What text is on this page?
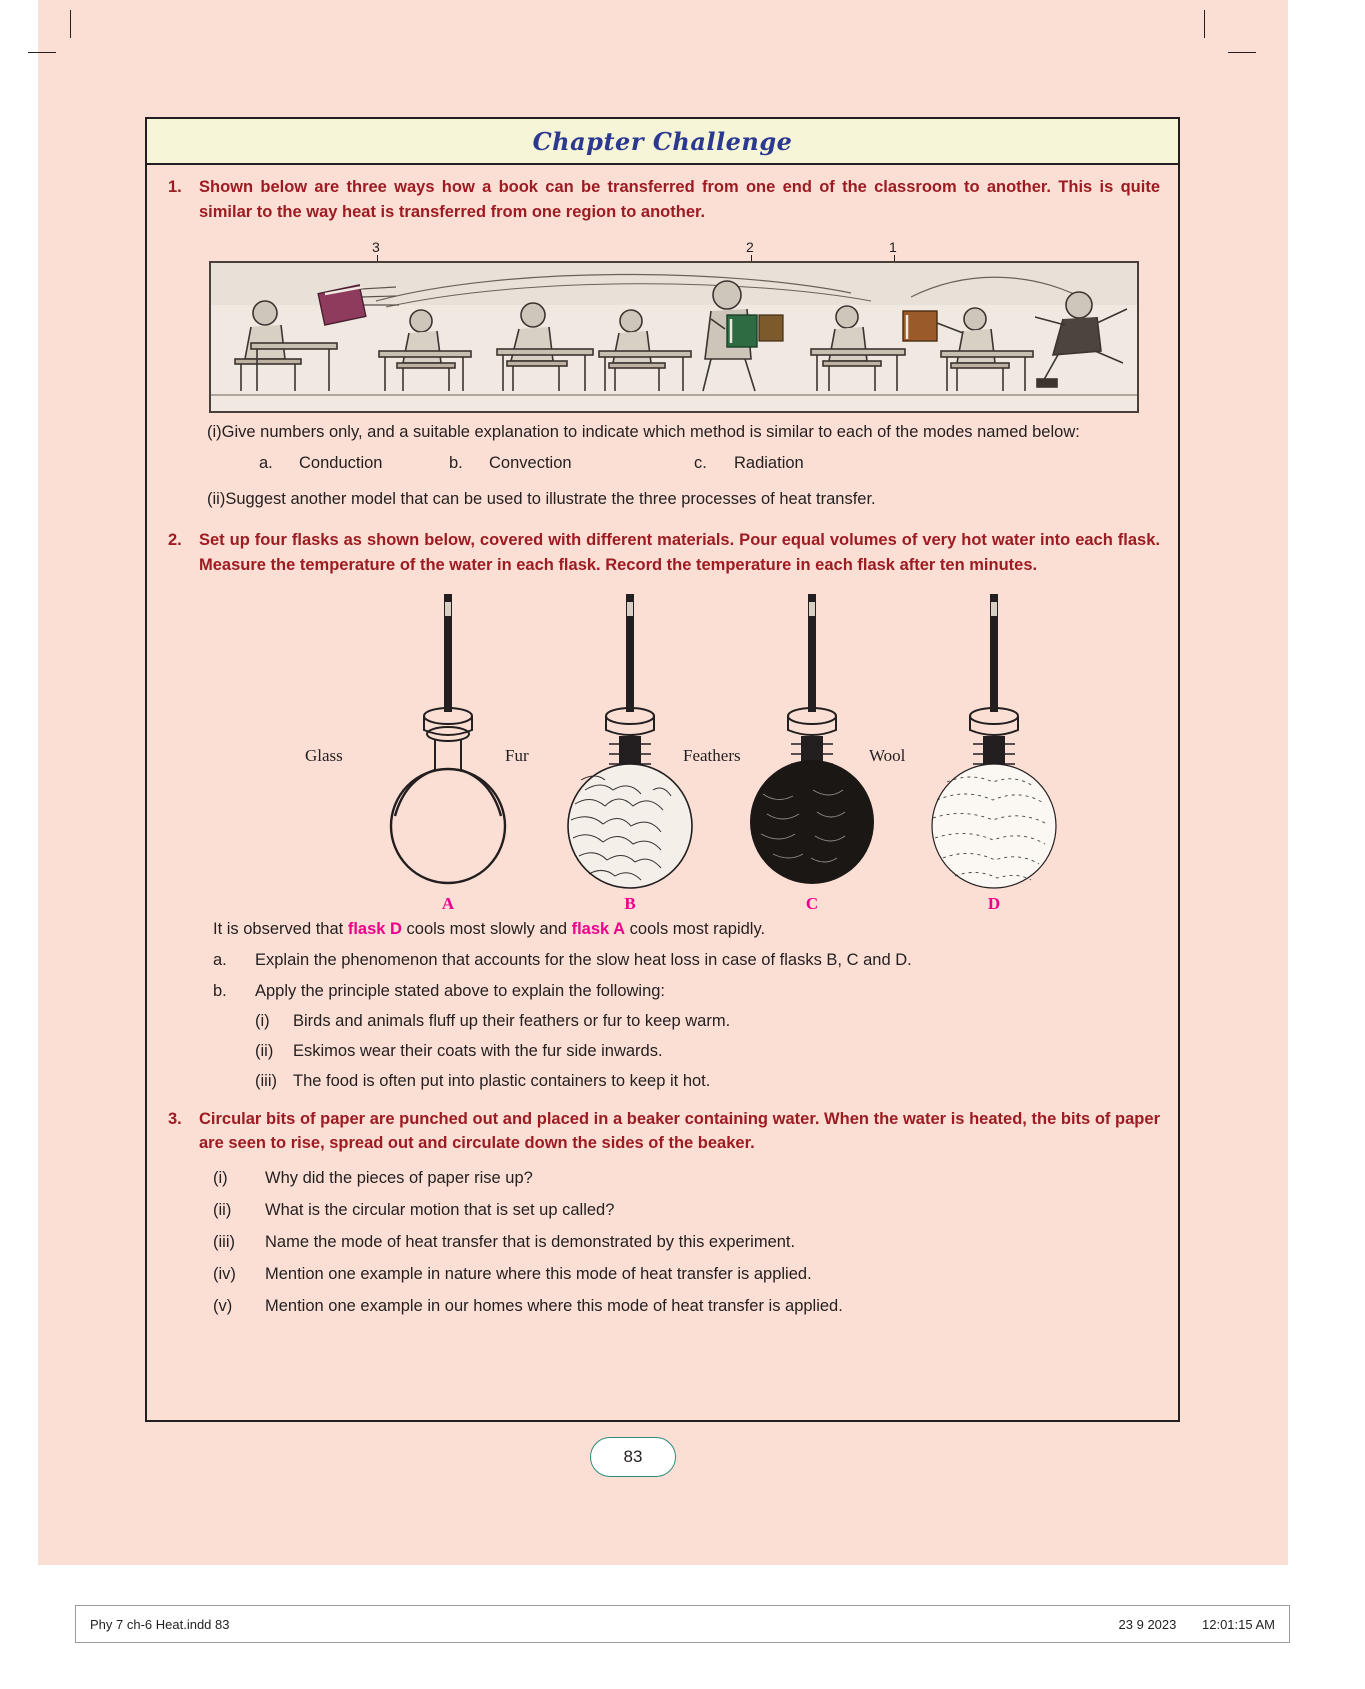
Chapter Challenge
1.	Shown below are three ways how a book can be transferred from one end of the classroom to another. This is quite similar to the way heat is transferred from one region to another.
3	2	1
(i) Give numbers only, and a suitable explanation to indicate which method is similar to each of the modes named below:
a.	Conduction	b.	Convection	c.	Radiation
(ii) Suggest another model that can be used to illustrate the three processes of heat transfer.
2.	Set up four flasks as shown below, covered with different materials. Pour equal volumes of very hot water into each flask. Measure the temperature of the water in each flask. Record the temperature in each flask after ten minutes.
A
Glass
B
Fur
C
Feathers
D
Wool
It is observed that flask D cools most slowly and flask A cools most rapidly.
a.	Explain the phenomenon that accounts for the slow heat loss in case of flasks B, C and D.
b.	Apply the principle stated above to explain the following:
(i)	Birds and animals fluff up their feathers or fur to keep warm.
(ii)	Eskimos wear their coats with the fur side inwards.
(iii) The food is often put into plastic containers to keep it hot.
3.	Circular bits of paper are punched out and placed in a beaker containing water. When the water is heated, the bits of paper are seen to rise, spread out and circulate down the sides of the beaker.
(i)	Why did the pieces of paper rise up?
(ii)	What is the circular motion that is set up called?
(iii)	Name the mode of heat transfer that is demonstrated by this experiment.
(iv)	Mention one example in nature where this mode of heat transfer is applied.
(v)	Mention one example in our homes where this mode of heat transfer is applied.
83
Phy 7 ch-6 Heat.indd 83	23 9 2023 12:01:15 AM
